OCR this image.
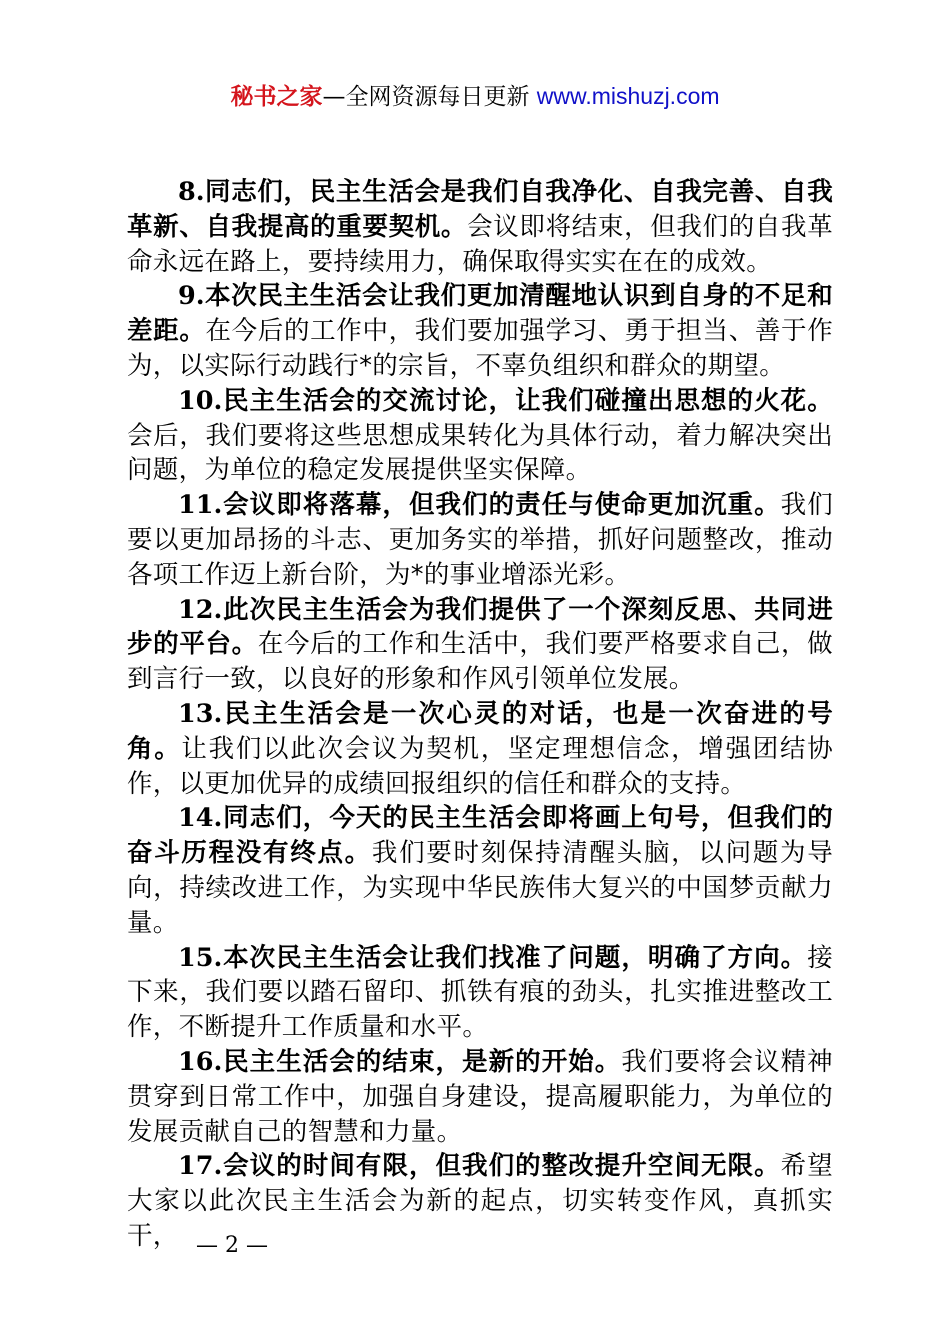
秘书之家—全网资源每日更新 www.mishuzj.com

8.同志们，民主生活会是我们自我净化、自我完善、自我革新、自我提高的重要契机。会议即将结束，但我们的自我革命永远在路上，要持续用力，确保取得实实在在的成效。

9.本次民主生活会让我们更加清醒地认识到自身的不足和差距。在今后的工作中，我们要加强学习、勇于担当、善于作为，以实际行动践行*的宗旨，不辜负组织和群众的期望。

10.民主生活会的交流讨论，让我们碰撞出思想的火花。会后，我们要将这些思想成果转化为具体行动，着力解决突出问题，为单位的稳定发展提供坚实保障。

11.会议即将落幕，但我们的责任与使命更加沉重。我们要以更加昂扬的斗志、更加务实的举措，抓好问题整改，推动各项工作迈上新台阶，为*的事业增添光彩。

12.此次民主生活会为我们提供了一个深刻反思、共同进步的平台。在今后的工作和生活中，我们要严格要求自己，做到言行一致，以良好的形象和作风引领单位发展。

13.民主生活会是一次心灵的对话，也是一次奋进的号角。让我们以此次会议为契机，坚定理想信念，增强团结协作，以更加优异的成绩回报组织的信任和群众的支持。

14.同志们，今天的民主生活会即将画上句号，但我们的奋斗历程没有终点。我们要时刻保持清醒头脑，以问题为导向，持续改进工作，为实现中华民族伟大复兴的中国梦贡献力量。

15.本次民主生活会让我们找准了问题，明确了方向。接下来，我们要以踏石留印、抓铁有痕的劲头，扎实推进整改工作，不断提升工作质量和水平。

16.民主生活会的结束，是新的开始。我们要将会议精神贯穿到日常工作中，加强自身建设，提高履职能力，为单位的发展贡献自己的智慧和力量。

17.会议的时间有限，但我们的整改提升空间无限。希望大家以此次民主生活会为新的起点，切实转变作风，真抓实干， — 2 —
